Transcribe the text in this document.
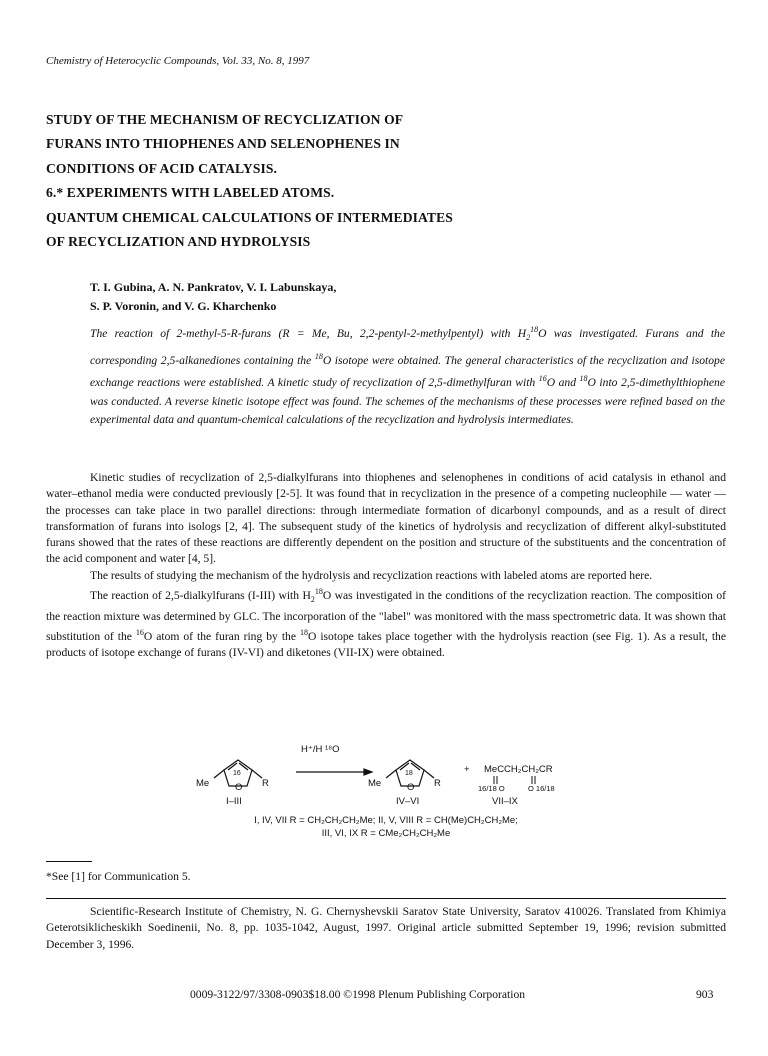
Chemistry of Heterocyclic Compounds, Vol. 33, No. 8, 1997
STUDY OF THE MECHANISM OF RECYCLIZATION OF
FURANS INTO THIOPHENES AND SELENOPHENES IN
CONDITIONS OF ACID CATALYSIS.
6.* EXPERIMENTS WITH LABELED ATOMS.
QUANTUM CHEMICAL CALCULATIONS OF INTERMEDIATES
OF RECYCLIZATION AND HYDROLYSIS
T. I. Gubina, A. N. Pankratov, V. I. Labunskaya,
S. P. Voronin, and V. G. Kharchenko
The reaction of 2-methyl-5-R-furans (R = Me, Bu, 2,2-pentyl-2-methylpentyl) with $H_2^{18}O$ was investigated. Furans and the corresponding 2,5-alkanediones containing the $^{18}$O isotope were obtained. The general characteristics of the recyclization and isotope exchange reactions were established. A kinetic study of recyclization of 2,5-dimethylfuran with $^{16}$O and $^{18}$O into 2,5-dimethylthiophene was conducted. A reverse kinetic isotope effect was found. The schemes of the mechanisms of these processes were refined based on the experimental data and quantum-chemical calculations of the recyclization and hydrolysis intermediates.

Kinetic studies of recyclization of 2,5-dialkylfurans into thiophenes and selenophenes in conditions of acid catalysis in ethanol and water–ethanol media were conducted previously [2-5]. It was found that in recyclization in the presence of a competing nucleophile — water — the processes can take place in two parallel directions: through intermediate formation of dicarbonyl compounds, and as a result of direct transformation of furans into isologs [2, 4]. The subsequent study of the kinetics of hydrolysis and recyclization of different alkyl-substituted furans showed that the rates of these reactions are differently dependent on the position and structure of the substituents and the concentration of the acid component and water [4, 5].

The results of studying the mechanism of the hydrolysis and recyclization reactions with labeled atoms are reported here.

The reaction of 2,5-dialkylfurans (I-III) with $H_2^{18}O$ was investigated in the conditions of the recyclization reaction. The composition of the reaction mixture was determined by GLC. The incorporation of the "label" was monitored with the mass spectrometric data. It was shown that substitution of the $^{16}$O atom of the furan ring by the $^{18}$O isotope takes place together with the hydrolysis reaction (see Fig. 1). As a result, the products of isotope exchange of furans (IV-VI) and diketones (VII-IX) were obtained.

H⁺/H ¹⁸O
Me	R
16
O
I–III
Me	R
18
O
IV–VI
+ MeCCH₂CH₂CR
16/18 O	O 16/18
VII–IX
I, IV, VII R = CH₂CH₂CH₂Me; II, V, VIII R = CH(Me)CH₂CH₂Me;
III, VI, IX R = CMe₂CH₂CH₂Me
*See [1] for Communication 5.
Scientific-Research Institute of Chemistry, N. G. Chernyshevskii Saratov State University, Saratov 410026. Translated from Khimiya Geterotsiklicheskikh Soedinenii, No. 8, pp. 1035-1042, August, 1997. Original article submitted September 19, 1996; revision submitted December 3, 1996.
0009-3122/97/3308-0903$18.00 ©1998 Plenum Publishing Corporation	903
